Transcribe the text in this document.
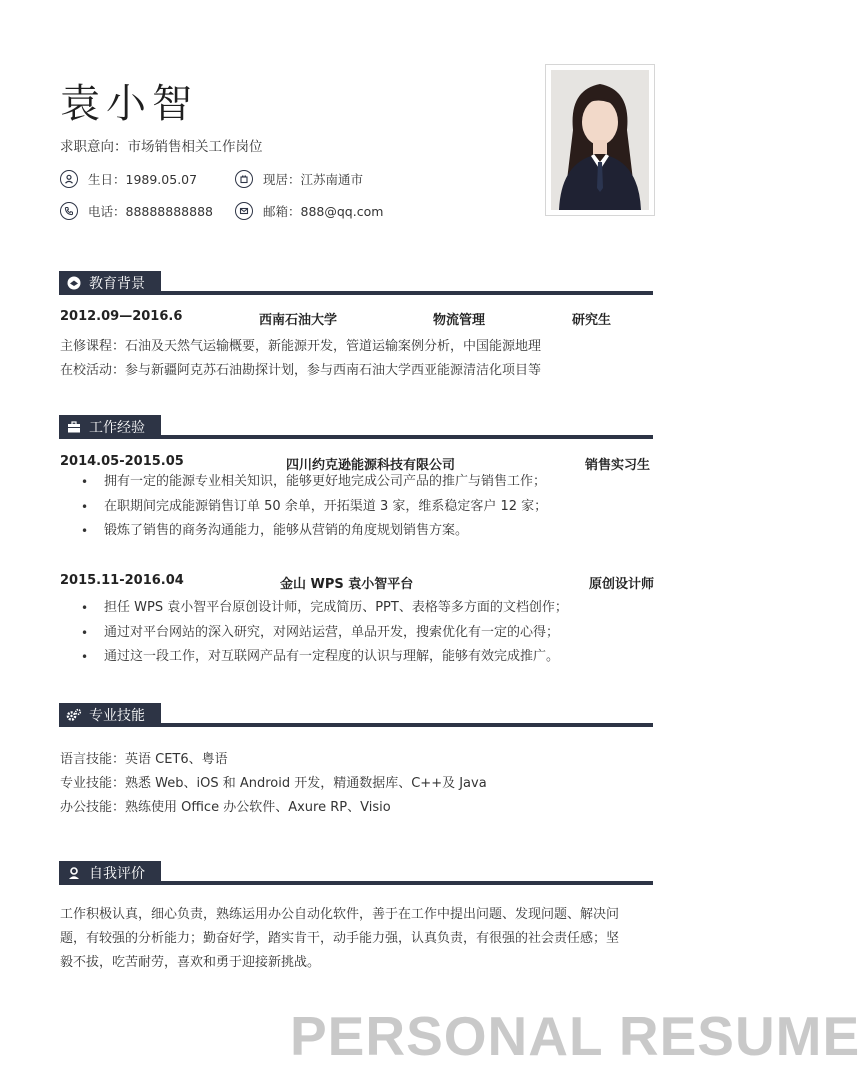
袁小智
求职意向：市场销售相关工作岗位
生日：1989.05.07	现居：江苏南通市
电话：88888888888	邮箱：888@qq.com
教育背景
2012.09—2016.6	西南石油大学	物流管理	研究生
主修课程：石油及天然气运输概要，新能源开发，管道运输案例分析，中国能源地理
在校活动：参与新疆阿克苏石油勘探计划，参与西南石油大学西亚能源清洁化项目等
工作经验
2014.05-2015.05	四川约克逊能源科技有限公司	销售实习生
• 拥有一定的能源专业相关知识，能够更好地完成公司产品的推广与销售工作；
• 在职期间完成能源销售订单 50 余单，开拓渠道 3 家，维系稳定客户 12 家；
• 锻炼了销售的商务沟通能力，能够从营销的角度规划销售方案。
2015.11-2016.04	金山 WPS 袁小智平台	原创设计师
• 担任 WPS 袁小智平台原创设计师，完成简历、PPT、表格等多方面的文档创作；
• 通过对平台网站的深入研究，对网站运营，单品开发，搜索优化有一定的心得；
• 通过这一段工作，对互联网产品有一定程度的认识与理解，能够有效完成推广。
专业技能
语言技能：英语 CET6、粤语
专业技能：熟悉 Web、iOS 和 Android 开发，精通数据库、C++及 Java
办公技能：熟练使用 Office 办公软件、Axure RP、Visio
自我评价
工作积极认真，细心负责，熟练运用办公自动化软件，善于在工作中提出问题、发现问题、解决问
题，有较强的分析能力；勤奋好学，踏实肯干，动手能力强，认真负责，有很强的社会责任感；坚
毅不拔，吃苦耐劳，喜欢和勇于迎接新挑战。
PERSONAL RESUME
